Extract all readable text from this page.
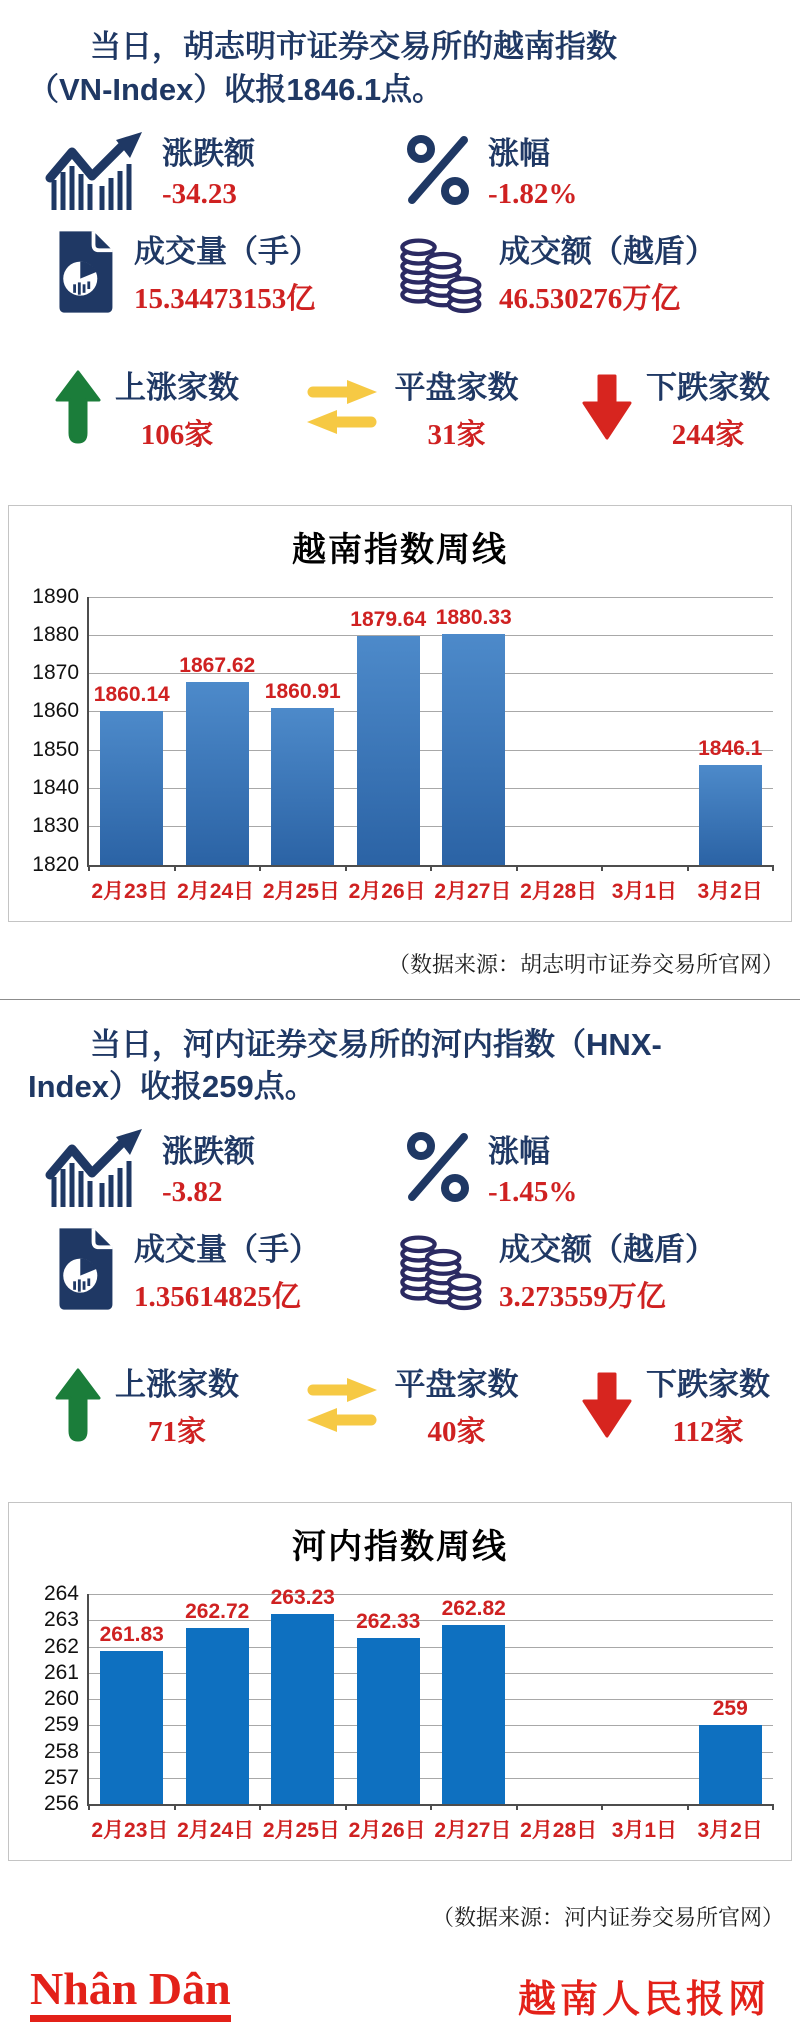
当日，胡志明市证券交易所的越南指数
（VN-Index）收报1846.1点。
涨跌额
-34.23
涨幅
-1.82%
成交量（手）
15.34473153亿
成交额（越盾）
46.530276万亿
上涨家数
106家
平盘家数
31家
下跌家数
244家
越南指数周线
1820
1830
1840
1850
1860
1870
1880
1890
1860.14
1867.62
1860.91
1879.64 1880.33
1846.1
2月23日 2月24日 2月25日 2月26日 2月27日 2月28日 3月1日 3月2日
（数据来源：胡志明市证券交易所官网）
当日，河内证券交易所的河内指数（HNX-
Index）收报259点。
涨跌额
-3.82
涨幅
-1.45%
成交量（手）
1.35614825亿
成交额（越盾）
3.273559万亿
上涨家数
71家
平盘家数
40家
下跌家数
112家
河内指数周线
256
257
258
259
260
261
262
263
264
261.83
262.72
263.23
262.33
262.82
259
2月23日 2月24日 2月25日 2月26日 2月27日 2月28日 3月1日 3月2日
（数据来源：河内证券交易所官网）
Nhân Dân	越南人民报网
